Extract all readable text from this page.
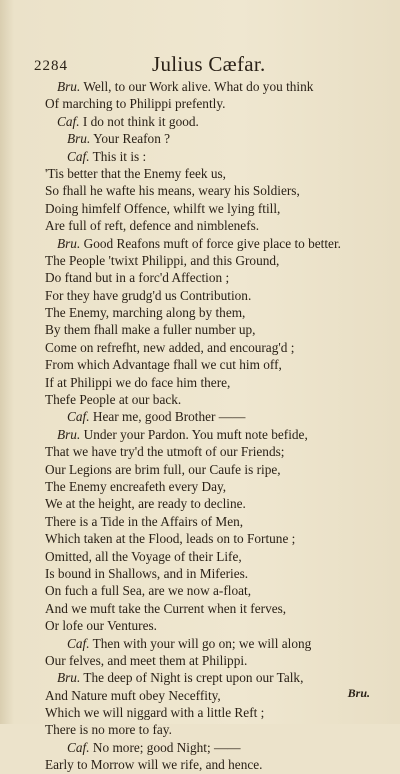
2284	Julius Cæfar.
Bru. Well, to our Work alive. What do you think
Of marching to Philippi prefently.
Caf. I do not think it good.
Bru. Your Reafon ?
Caf. This it is :
'Tis better that the Enemy feek us,
So fhall he wafte his means, weary his Soldiers,
Doing himfelf Offence, whilft we lying ftill,
Are full of reft, defence and nimblenefs.
Bru. Good Reafons muft of force give place to better.
The People 'twixt Philippi, and this Ground,
Do ftand but in a forc'd Affection ;
For they have grudg'd us Contribution.
The Enemy, marching along by them,
By them fhall make a fuller number up,
Come on refrefht, new added, and encourag'd ;
From which Advantage fhall we cut him off,
If at Philippi we do face him there,
Thefe People at our back.
Caf. Hear me, good Brother ——
Bru. Under your Pardon. You muft note befide,
That we have try'd the utmoft of our Friends;
Our Legions are brim full, our Caufe is ripe,
The Enemy encreafeth every Day,
We at the height, are ready to decline.
There is a Tide in the Affairs of Men,
Which taken at the Flood, leads on to Fortune ;
Omitted, all the Voyage of their Life,
Is bound in Shallows, and in Miferies.
On fuch a full Sea, are we now a-float,
And we muft take the Current when it ferves,
Or lofe our Ventures.
Caf. Then with your will go on; we will along
Our felves, and meet them at Philippi.
Bru. The deep of Night is crept upon our Talk,
And Nature muft obey Neceffity,
Which we will niggard with a little Reft ;
There is no more to fay.
Caf. No more; good Night; ——
Early to Morrow will we rife, and hence.
Bru.
